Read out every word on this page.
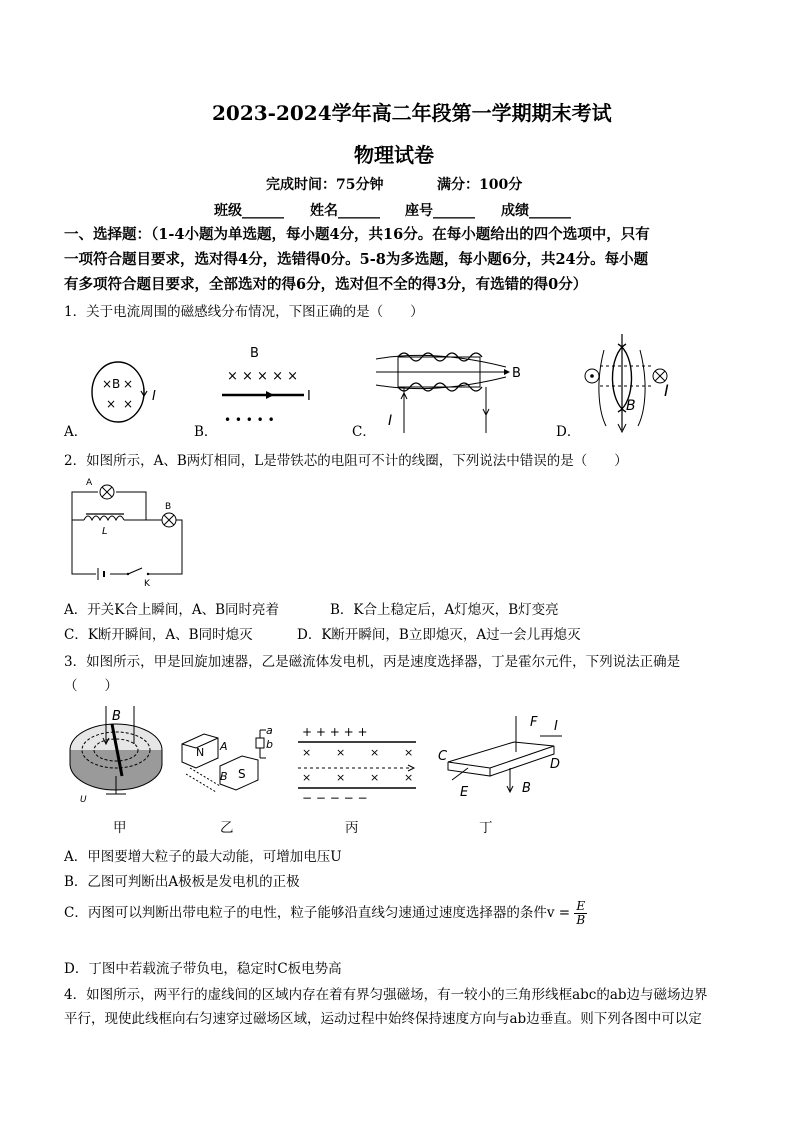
2023-2024学年高二年段第一学期期末考试
物理试卷
完成时间：75分钟	满分：100分
班级______ 姓名______ 座号______ 成绩______
一、选择题：（1-4小题为单选题，每小题4分，共16分。在每小题给出的四个选项中，只有
一项符合题目要求，选对得4分，选错得0分。5-8为多选题，每小题6分，共24分。每小题
有多项符合题目要求，全部选对的得6分，选对但不全的得3分，有选错的得0分）
1．关于电流周围的磁感线分布情况，下图正确的是（　　）
× B ×
× × I
A．
B
× × × × ×
I
• • • • •
B．
B
I
C．
B
I
D．
2．如图所示，A、B两灯相同，L是带铁芯的电阻可不计的线圈，下列说法中错误的是（　　）
A
B
L
K
A．开关K合上瞬间，A、B同时亮着	B．K合上稳定后，A灯熄灭，B灯变亮
C．K断开瞬间，A、B同时熄灭	D．K断开瞬间，B立即熄灭，A过一会儿再熄灭
3．如图所示，甲是回旋加速器，乙是磁流体发电机，丙是速度选择器，丁是霍尔元件，下列说法正确是
（　　）
B
U
甲
N
S
A
B
a
b
乙
+ + + + +
× × × ×
× × × ×
− − − − −
丙
F I
C
D
B
E
丁
A．甲图要增大粒子的最大动能，可增加电压U
B．乙图可判断出A极板是发电机的正极
C．丙图可以判断出带电粒子的电性，粒子能够沿直线匀速通过速度选择器的条件$v = \frac{E}{B}$
D．丁图中若载流子带负电，稳定时C板电势高
4．如图所示，两平行的虚线间的区域内存在着有界匀强磁场，有一较小的三角形线框abc的ab边与磁场边界
平行，现使此线框向右匀速穿过磁场区域，运动过程中始终保持速度方向与ab边垂直。则下列各图中可以定
